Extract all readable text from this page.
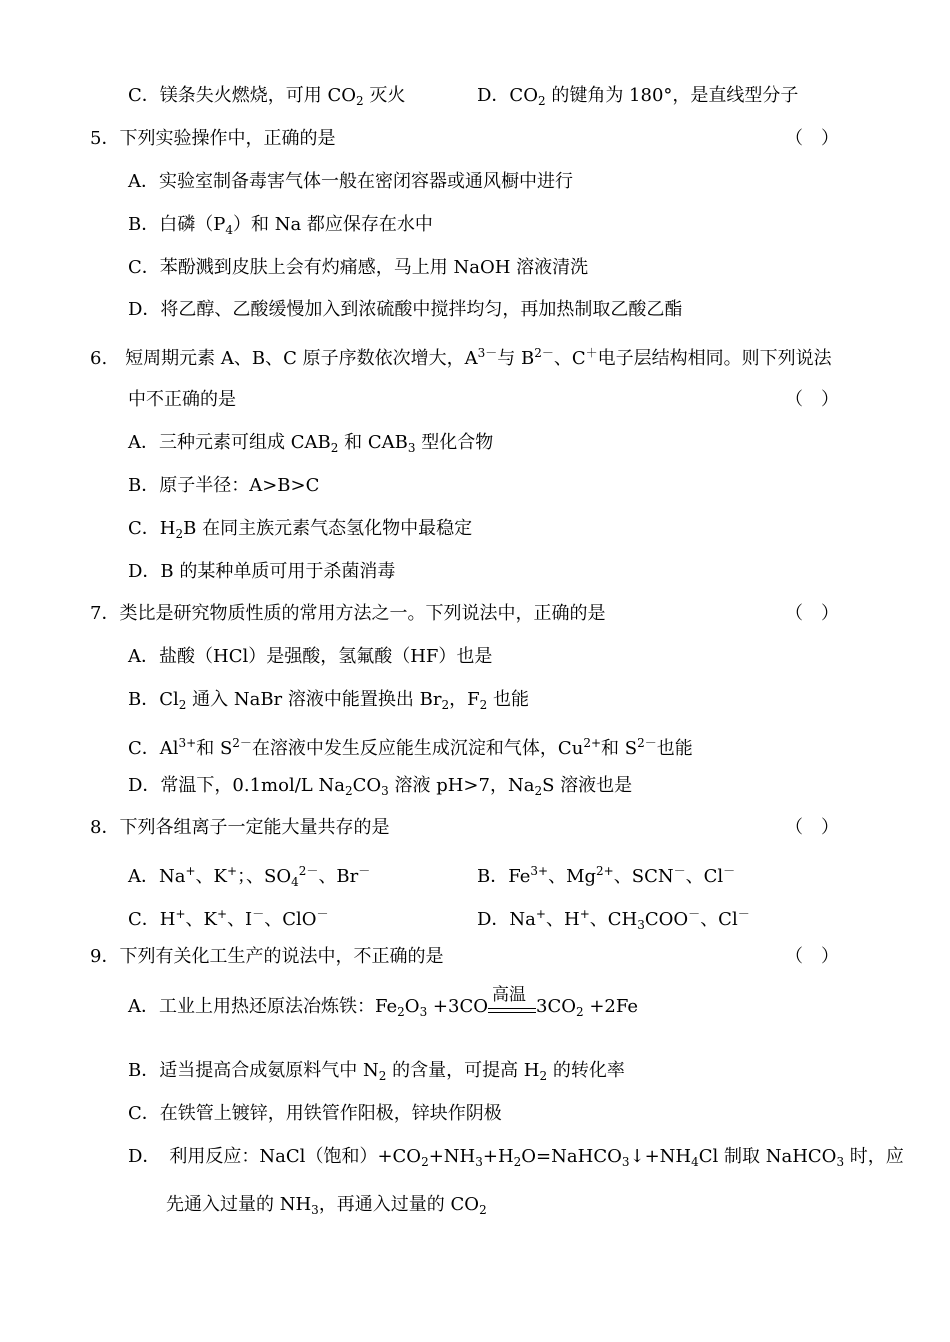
C．镁条失火燃烧，可用 $CO_2$ 灭火	D．$CO_2$ 的键角为 180°，是直线型分子
5．下列实验操作中，正确的是	（　）
A．实验室制备毒害气体一般在密闭容器或通风橱中进行
B．白磷$(P_4)$和 Na 都应保存在水中
C．苯酚溅到皮肤上会有灼痛感，马上用 NaOH 溶液清洗
D．将乙醇、乙酸缓慢加入到浓硫酸中搅拌均匀，再加热制取乙酸乙酯
6.　短周期元素 A、B、C 原子序数依次增大，$A^{3-}$与 $B^{2-}$、C＋电子层结构相同。则下列说法
中不正确的是	（　）
A．三种元素可组成 $CAB_2$ 和 $CAB_3$ 型化合物
B．原子半径：A>B>C
C．$H_2B$ 在同主族元素气态氢化物中最稳定
D．B 的某种单质可用于杀菌消毒
7．类比是研究物质性质的常用方法之一。下列说法中，正确的是	（　）
A．盐酸（HCl）是强酸，氢氟酸（HF）也是
B．$Cl_2$ 通入 NaBr 溶液中能置换出 $Br_2$，$F_2$ 也能
C．$Al^{3+}$和 $S^{2-}$在溶液中发生反应能生成沉淀和气体，$Cu^{2+}$和 $S^{2-}$也能
D．常温下，0.1mol/L $Na_2CO_3$ 溶液 pH>7，$Na_2S$ 溶液也是
8．下列各组离子一定能大量共存的是	（　）
A．Na+、K+；、$SO_4^{2-}$、Br－	B．$Fe^{3+}$、$Mg^{2+}$、SCN－、Cl－
C．H+、K+、I－、ClO－	D．Na+、H+、$CH_3COO^-$、Cl－
9．下列有关化工生产的说法中，不正确的是	（　）
A．工业上用热还原法冶炼铁：$Fe_2O_3 +3CO$
高温
$3CO_2 +2Fe$
B．适当提高合成氨原料气中 $N_2$ 的含量，可提高 $H_2$ 的转化率
C．在铁管上镀锌，用铁管作阳极，锌块作阴极
D．　利用反应：NaCl（饱和）$+CO_2+NH_3+H_2O=NaHCO_3↓+NH_4Cl$ 制取 NaHCO$_3$ 时，应
先通入过量的 $NH_3$，再通入过量的 $CO_2$
